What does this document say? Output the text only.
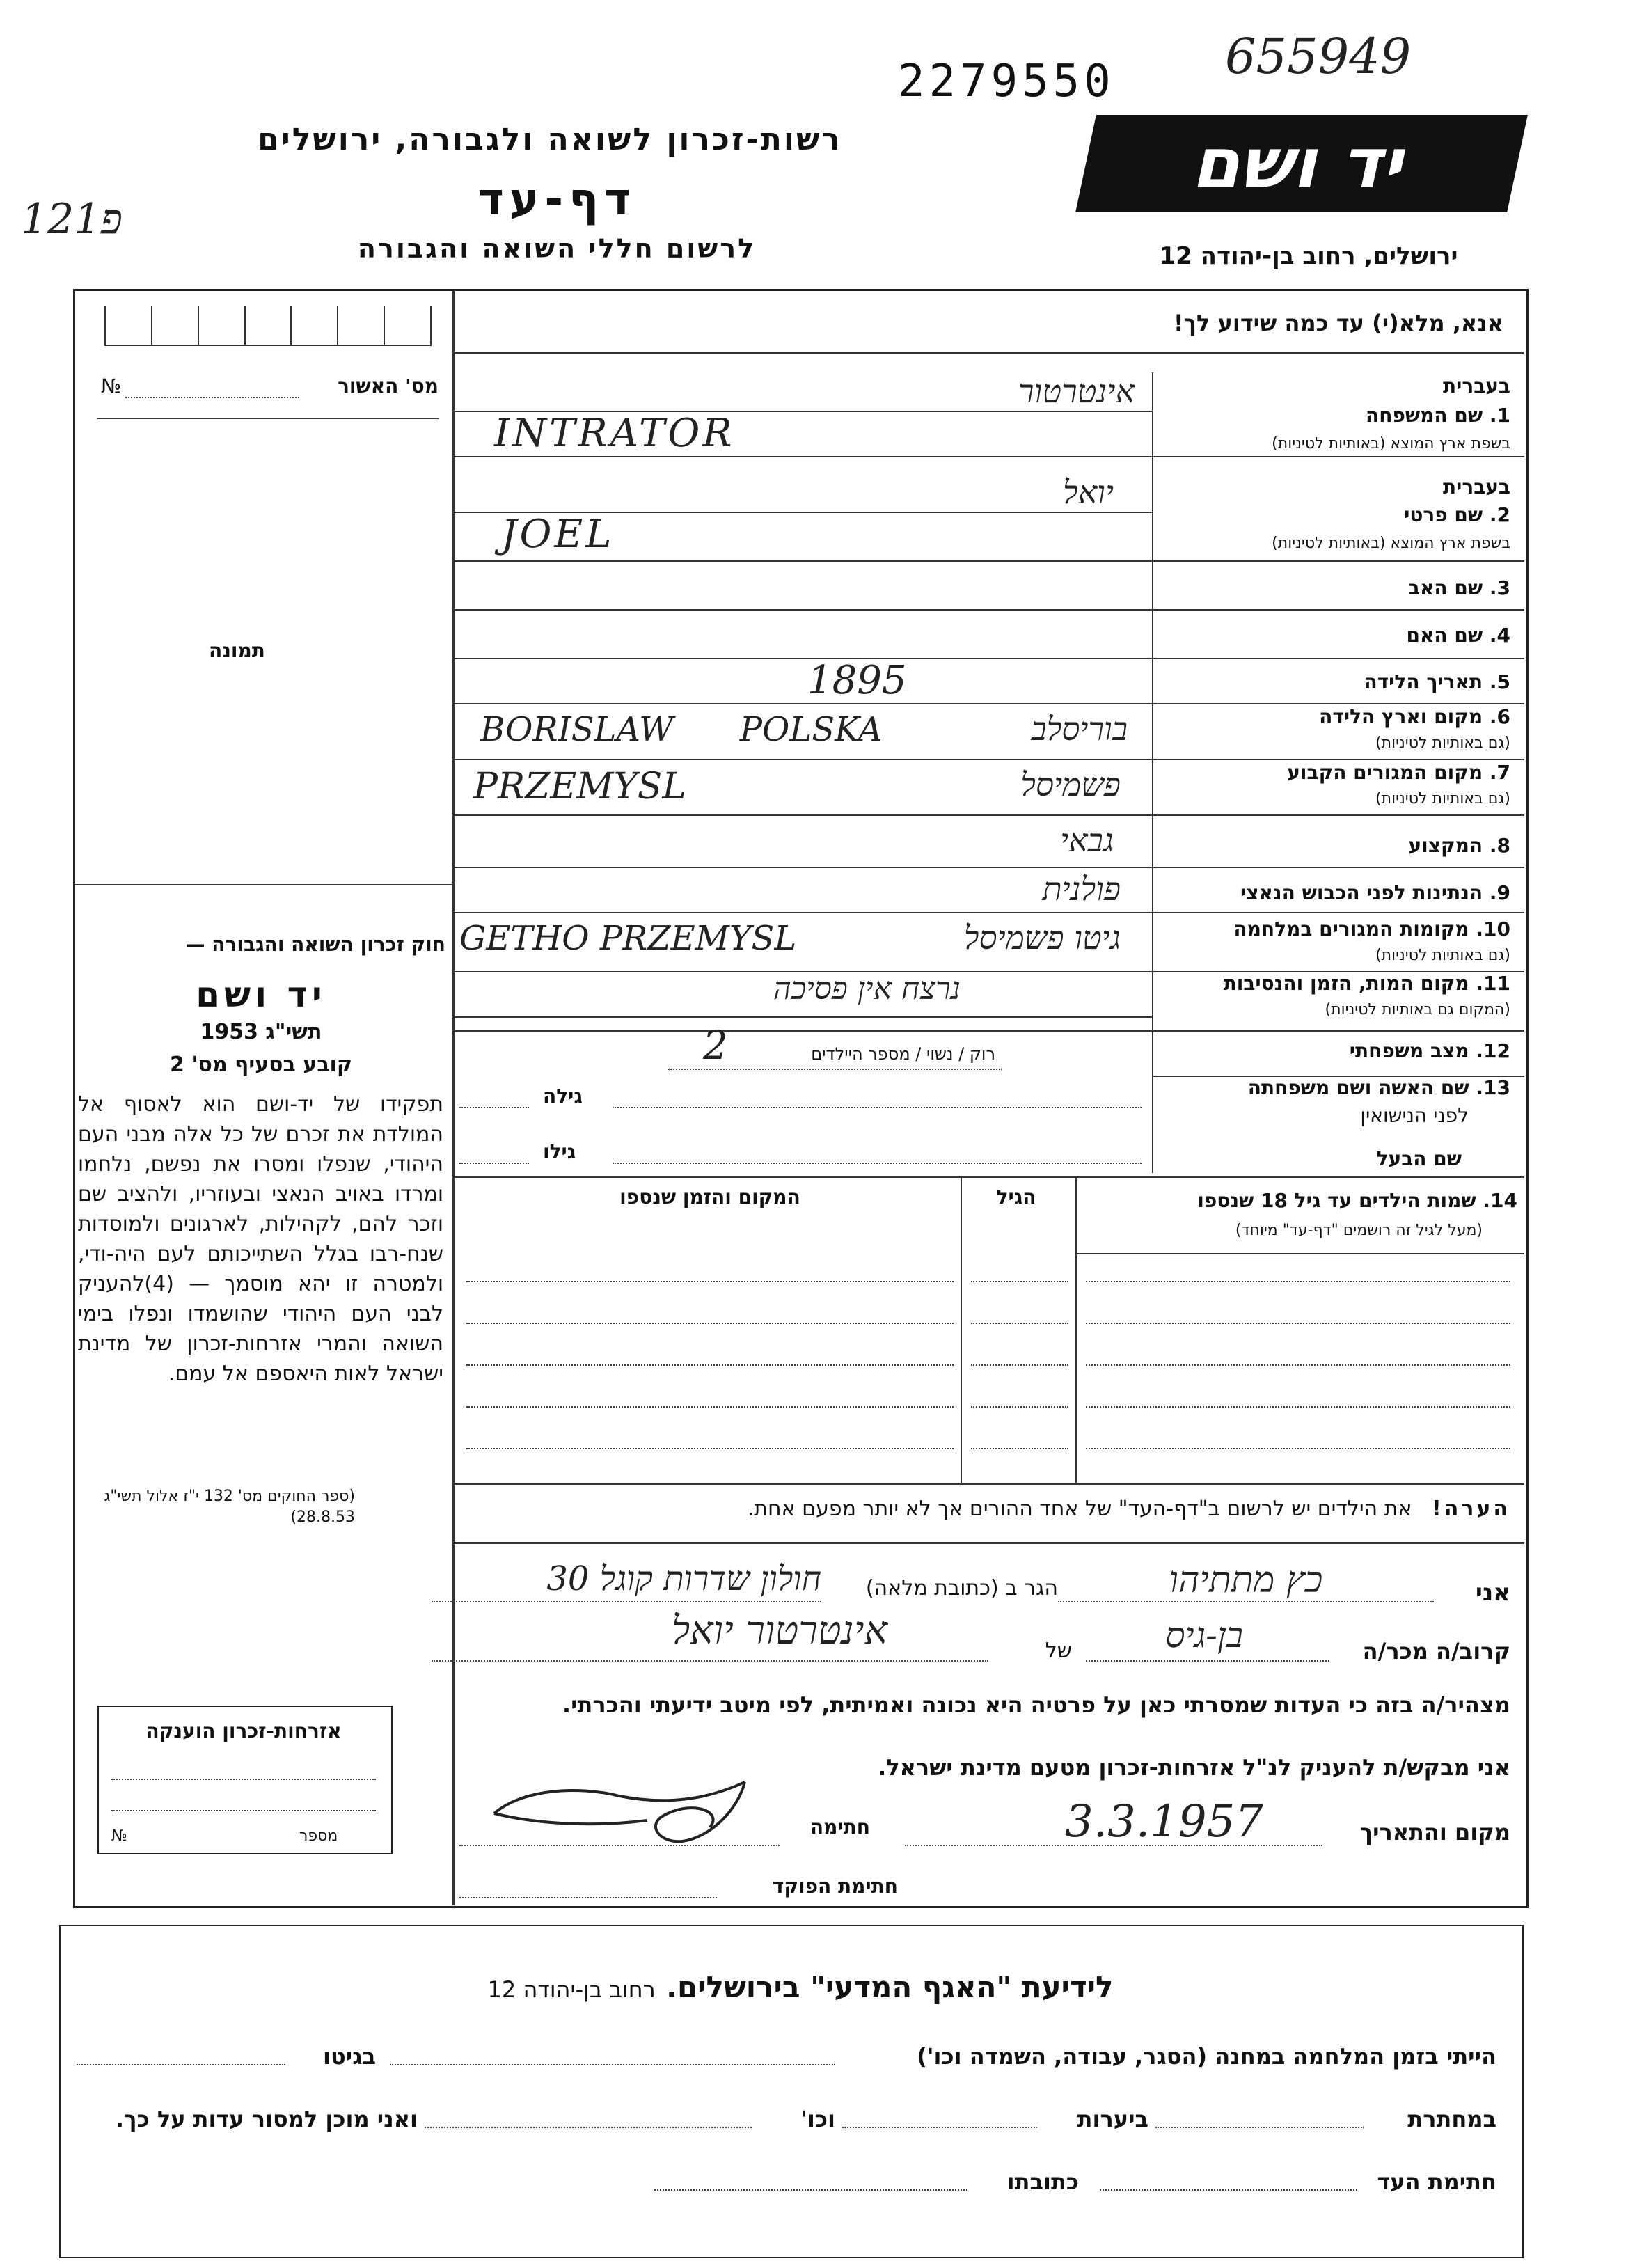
655949
2279550
121פ
רשות-זכרון לשואה ולגבורה, ירושלים
דף-עד
לרשום חללי השואה והגבורה
יד ושם
ירושלים, רחוב בן-יהודה 12
מס' האשור
№
תמונה
חוק זכרון השואה והגבורה —
יד ושם
תשי"ג 1953
קובע בסעיף מס' 2
תפקידו של יד-ושם הוא לאסוף אל המולדת את זכרם של כל אלה מבני העם היהודי, שנפלו ומסרו את נפשם, נלחמו ומרדו באויב הנאצי ובעוזריו, ולהציב שם וזכר להם, לקהילות, לארגונים ולמוסדות שנח-רבו בגלל השתייכותם לעם היה-ודי, ולמטרה זו יהא מוסמך — (4)להעניק לבני העם היהודי שהושמדו ונפלו בימי השואה והמרי אזרחות-זכרון של מדינת ישראל לאות היאספם אל עמם.
(ספר החוקים מס' 132 י"ז אלול תשי"ג 28.8.53)
אזרחות-זכרון הוענקה
מספר
№
אנא, מלא(י) עד כמה שידוע לך!
בעברית
1. שם המשפחה
בשפת ארץ המוצא (באותיות לטיניות)
אינטרטור
INTRATOR
בעברית
2. שם פרטי
בשפת ארץ המוצא (באותיות לטיניות)
יואל
JOEL
3. שם האב
4. שם האם
5. תאריך הלידה
1895
6. מקום וארץ הלידה
(גם באותיות לטיניות)
BORISLAW POLSKA	בוריסלב
7. מקום המגורים הקבוע
(גם באותיות לטיניות)
PRZEMYSL	פשמיסל
8. המקצוע
גבאי
9. הנתינות לפני הכבוש הנאצי
פולנית
10. מקומות המגורים במלחמה
(גם באותיות לטיניות)
GETHO PRZEMYSL	גיטו פשמיסל
11. מקום המות, הזמן והנסיבות
(המקום גם באותיות לטיניות)
נרצח אין פסיכה
12. מצב משפחתי
רוק / נשוי / מספר היילדים
2
13. שם האשה ושם משפחתה
לפני הנישואין
גילה
שם הבעל
גילו
14. שמות הילדים עד גיל 18 שנספו
(מעל לגיל זה רושמים "דף-עד" מיוחד)
הגיל
המקום והזמן שנספו
הערה!   את הילדים יש לרשום ב"דף-העד" של אחד ההורים אך לא יותר מפעם אחת.
אני
כץ מתתיהו
הגר ב (כתובת מלאה)
חולון שדרות קוגל 30
קרוב/ה מכר/ה
בן-גיס
של
אינטרטור יואל
מצהיר/ה בזה כי העדות שמסרתי כאן על פרטיה היא נכונה ואמיתית, לפי מיטב ידיעתי והכרתי.
אני מבקש/ת להעניק לנ"ל אזרחות-זכרון מטעם מדינת ישראל.
מקום והתאריך
3.3.1957
חתימה
חתימת הפוקד
לידיעת "האגף המדעי" בירושלים.   רחוב בן-יהודה 12
הייתי בזמן המלחמה במחנה (הסגר, עבודה, השמדה וכו')
בגיטו
במחתרת
ביערות
וכו'
ואני מוכן למסור עדות על כך.
חתימת העד
כתובתו
